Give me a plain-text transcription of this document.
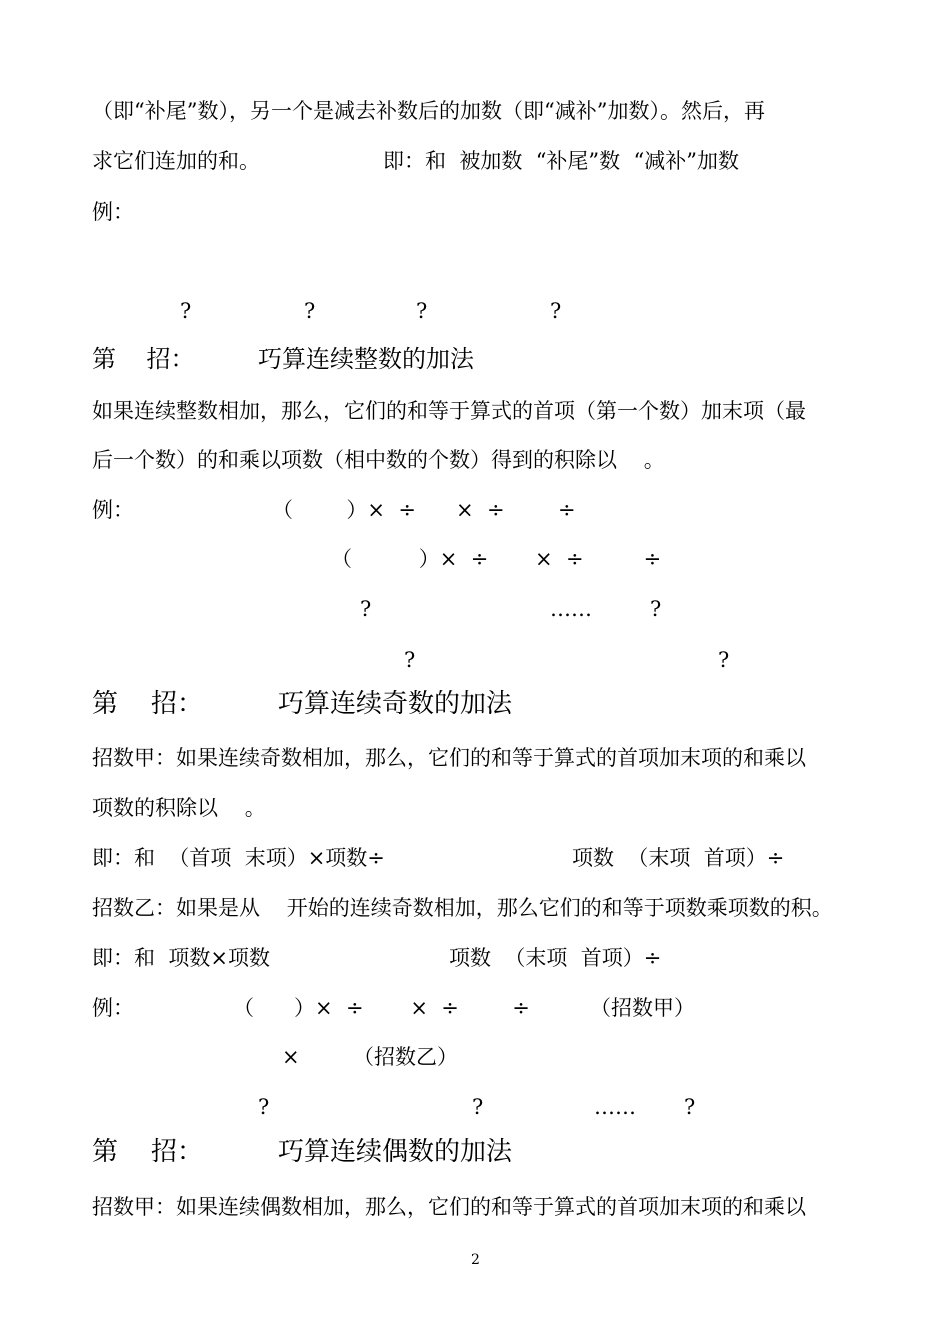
（即“补尾”数），另一个是减去补数后的加数（即“减补”加数）。然后，再
求它们连加的和。	即：和  被加数  “补尾”数  “减补”加数
例：
?	?	?	?
第    招：	巧算连续整数的加法
如果连续整数相加，那么，它们的和等于算式的首项（第一个数）加末项（最
后一个数）的和乘以项数（相中数的个数）得到的积除以    。
例：	（        ）×  ÷      ×  ÷        ÷
（          ）×  ÷       ×  ÷         ÷
?	……	?
?	?
第    招：	巧算连续奇数的加法
招数甲：如果连续奇数相加，那么，它们的和等于算式的首项加末项的和乘以
项数的积除以    。
即：和  （首项  末项）×项数÷	项数  （末项  首项）÷
招数乙：如果是从    开始的连续奇数相加，那么它们的和等于项数乘项数的积。
即：和  项数×项数	项数  （末项  首项）÷
例：	（      ）×  ÷       ×  ÷        ÷         （招数甲）
×        （招数乙）
?	?	…… ?
第    招：	巧算连续偶数的加法
招数甲：如果连续偶数相加，那么，它们的和等于算式的首项加末项的和乘以
2
